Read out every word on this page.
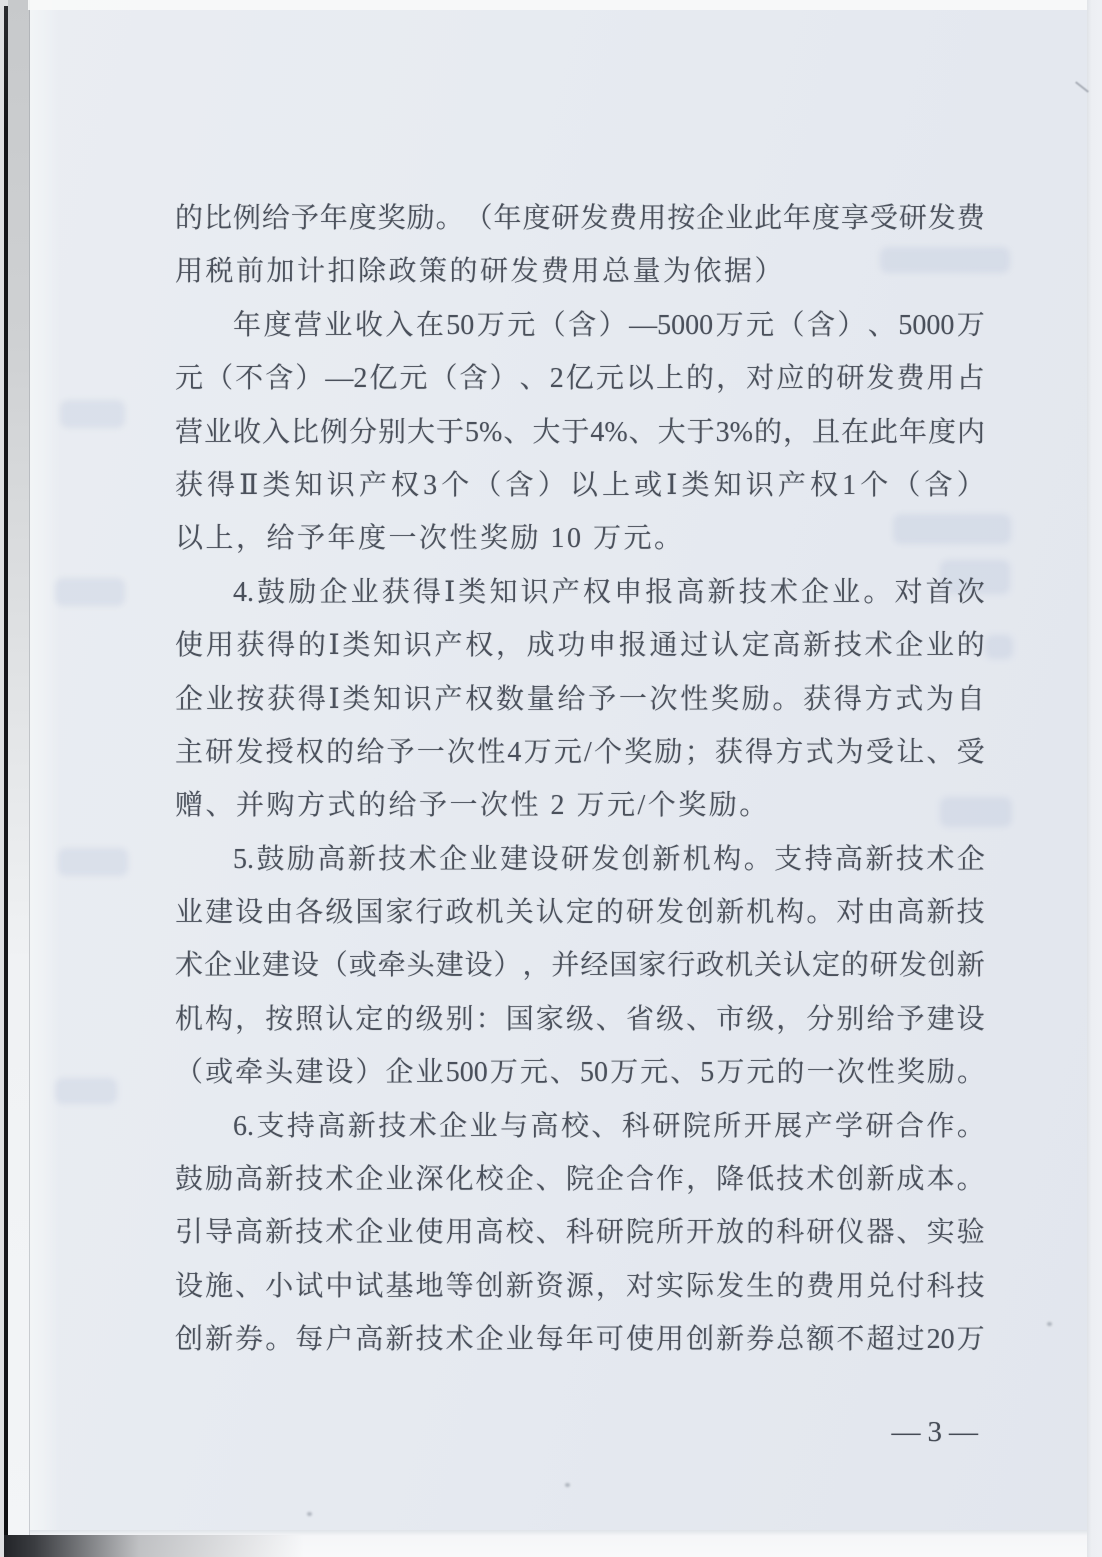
的 比 例 给 予 年 度 奖 励 。 （ 年 度 研 发 费 用 按 企 业 此 年 度 享 受 研 发 费
用税前加计扣除政策的研发费用总量为依据）
年 度 营 业 收 入 在 50 万 元 （ 含 ） —5000 万 元 （ 含 ） 、 5000 万
元 （ 不 含 ） —2 亿 元 （ 含 ） 、 2 亿 元 以 上 的 ， 对 应 的 研 发 费 用 占
营 业 收 入 比 例 分 别 大 于 5% 、 大 于 4% 、 大 于 3% 的 ， 且 在 此 年 度 内
获 得 Ⅱ 类 知 识 产 权 3 个 （ 含 ） 以 上 或 Ⅰ 类 知 识 产 权 1 个 （ 含 ）
以上，给予年度一次性奖励 10 万元。
4. 鼓 励 企 业 获 得 Ⅰ 类 知 识 产 权 申 报 高 新 技 术 企 业 。 对 首 次
使 用 获 得 的 Ⅰ 类 知 识 产 权 ， 成 功 申 报 通 过 认 定 高 新 技 术 企 业 的
企 业 按 获 得 Ⅰ 类 知 识 产 权 数 量 给 予 一 次 性 奖 励 。 获 得 方 式 为 自
主 研 发 授 权 的 给 予 一 次 性 4 万 元 / 个 奖 励 ； 获 得 方 式 为 受 让 、 受
赠、并购方式的给予一次性 2 万元/个奖励。
5. 鼓 励 高 新 技 术 企 业 建 设 研 发 创 新 机 构 。 支 持 高 新 技 术 企
业 建 设 由 各 级 国 家 行 政 机 关 认 定 的 研 发 创 新 机 构 。 对 由 高 新 技
术 企 业 建 设 （ 或 牵 头 建 设 ） ， 并 经 国 家 行 政 机 关 认 定 的 研 发 创 新
机 构 ， 按 照 认 定 的 级 别 ： 国 家 级 、 省 级 、 市 级 ， 分 别 给 予 建 设
（ 或 牵 头 建 设 ） 企 业 500 万 元 、 50 万 元 、 5 万 元 的 一 次 性 奖 励 。
6. 支 持 高 新 技 术 企 业 与 高 校 、 科 研 院 所 开 展 产 学 研 合 作 。
鼓 励 高 新 技 术 企 业 深 化 校 企 、 院 企 合 作 ， 降 低 技 术 创 新 成 本 。
引 导 高 新 技 术 企 业 使 用 高 校 、 科 研 院 所 开 放 的 科 研 仪 器 、 实 验
设 施 、 小 试 中 试 基 地 等 创 新 资 源 ， 对 实 际 发 生 的 费 用 兑 付 科 技
创 新 券 。 每 户 高 新 技 术 企 业 每 年 可 使 用 创 新 券 总 额 不 超 过 20 万
—3—
